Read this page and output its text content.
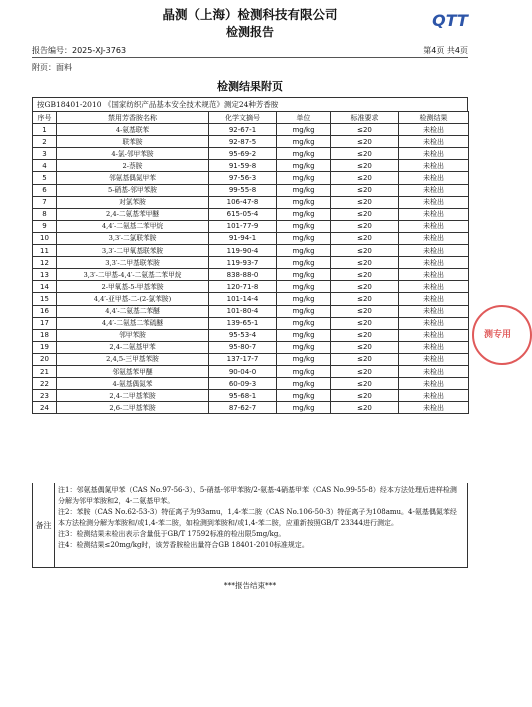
晶测（上海）检测科技有限公司
检测报告
QTT
报告编号：2025-XJ-3763	第4页 共4页
附页：面料
检测结果附页
按GB18401-2010 《国家纺织产品基本安全技术规范》测定24种芳香胺
序号	禁用芳香胺名称	化学文摘号	单位	标准要求	检测结果
1	4-氨基联苯	92-67-1	mg/kg	≤20	未检出
2	联苯胺	92-87-5	mg/kg	≤20	未检出
3	4-氯-邻甲苯胺	95-69-2	mg/kg	≤20	未检出
4	2-萘胺	91-59-8	mg/kg	≤20	未检出
5	邻氨基偶氮甲苯	97-56-3	mg/kg	≤20	未检出
6	5-硝基-邻甲苯胺	99-55-8	mg/kg	≤20	未检出
7	对氯苯胺	106-47-8	mg/kg	≤20	未检出
8	2,4-二氨基苯甲醚	615-05-4	mg/kg	≤20	未检出
9	4,4′-二氨基二苯甲烷	101-77-9	mg/kg	≤20	未检出
10	3,3′-二氯联苯胺	91-94-1	mg/kg	≤20	未检出
11	3,3′-二甲氧基联苯胺	119-90-4	mg/kg	≤20	未检出
12	3,3′-二甲基联苯胺	119-93-7	mg/kg	≤20	未检出
13	3,3′-二甲基-4,4′-二氨基二苯甲烷	838-88-0	mg/kg	≤20	未检出
14	2-甲氧基-5-甲基苯胺	120-71-8	mg/kg	≤20	未检出
15	4,4′-亚甲基-二-(2-氯苯胺)	101-14-4	mg/kg	≤20	未检出
16	4,4′-二氨基二苯醚	101-80-4	mg/kg	≤20	未检出
17	4,4′-二氨基二苯硫醚	139-65-1	mg/kg	≤20	未检出
18	邻甲苯胺	95-53-4	mg/kg	≤20	未检出
19	2,4-二氨基甲苯	95-80-7	mg/kg	≤20	未检出
20	2,4,5-三甲基苯胺	137-17-7	mg/kg	≤20	未检出
21	邻氨基苯甲醚	90-04-0	mg/kg	≤20	未检出
22	4-氨基偶氮苯	60-09-3	mg/kg	≤20	未检出
23	2,4-二甲基苯胺	95-68-1	mg/kg	≤20	未检出
24	2,6-二甲基苯胺	87-62-7	mg/kg	≤20	未检出
备注

注1：邻氨基偶氮甲苯（CAS No.97-56-3）、5-硝基-邻甲苯胺/2-氨基-4硝基甲苯（CAS No.99-55-8）经本方法处理后进样检测分解为邻甲苯胺和2，4-二氨基甲苯。

注2：苯胺（CAS No.62-53-3）特征离子为93amu，1,4-苯二胺（CAS No.106-50-3）特征离子为108amu。4-氨基偶氮苯经本方法检测分解为苯胺和/或1,4-苯二胺，如检测到苯胺和/或1,4-苯二胺，应重新按照GB/T 23344进行测定。

注3：检测结果未检出表示含量低于GB/T 17592标准的检出限5mg/kg。

注4：检测结果≤20mg/kg时，该芳香胺检出量符合GB 18401-2010标准规定。

***报告结束***
测专用
